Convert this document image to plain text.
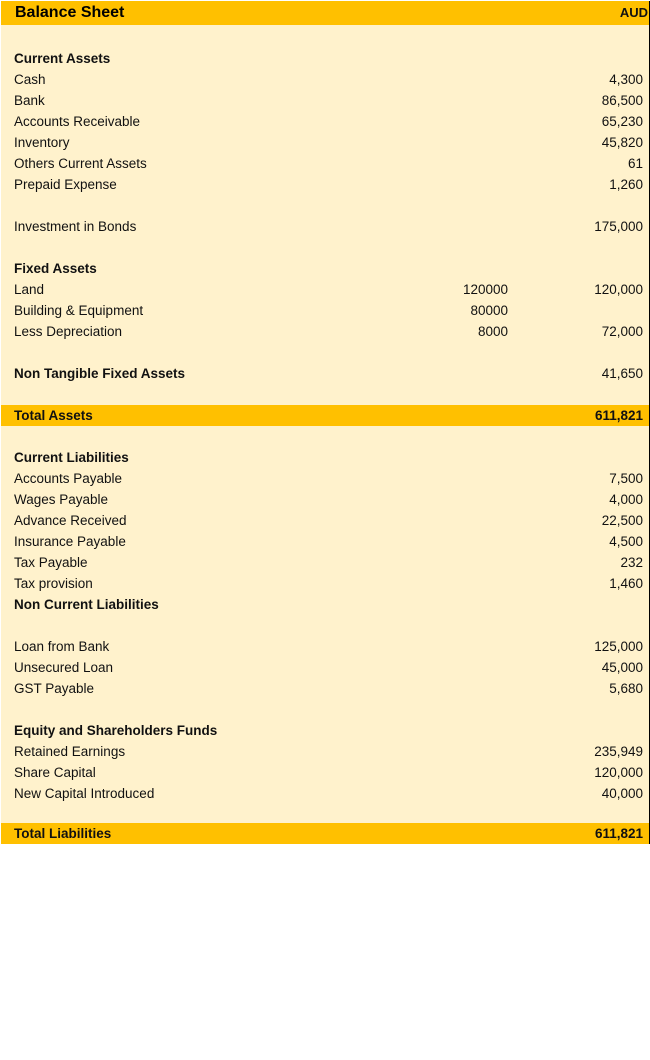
Balance Sheet	AUD
Current Assets
Cash	4,300
Bank	86,500
Accounts Receivable	65,230
Inventory	45,820
Others Current Assets	61
Prepaid Expense	1,260
Investment in Bonds	175,000
Fixed Assets
Land	120000	120,000
Building & Equipment	80000
Less Depreciation	8000	72,000
Non Tangible Fixed Assets	41,650
Total Assets	611,821
Current Liabilities
Accounts Payable	7,500
Wages Payable	4,000
Advance Received	22,500
Insurance Payable	4,500
Tax Payable	232
Tax provision	1,460
Non Current Liabilities
Loan from Bank	125,000
Unsecured Loan	45,000
GST Payable	5,680
Equity and Shareholders Funds
Retained Earnings	235,949
Share Capital	120,000
New Capital Introduced	40,000
Total Liabilities	611,821
